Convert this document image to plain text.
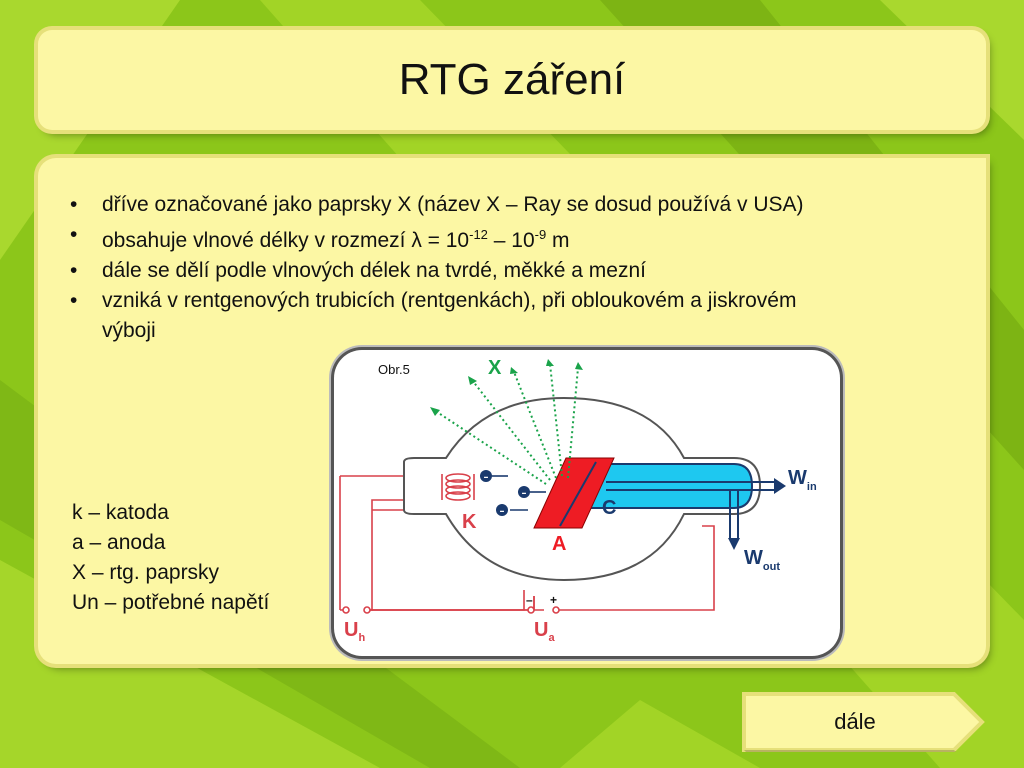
RTG záření
• dříve označované jako paprsky X (název X – Ray se dosud používá v USA)
• obsahuje vlnové délky v rozmezí $\lambda = 10^{-12} - 10^{-9}$ m
• dále se dělí podle vlnových délek na tvrdé, měkké a mezní
• vzniká v rentgenových trubicích (rentgenkách), při obloukovém a jiskrovém výboji
k – katoda
a – anoda
X – rtg. paprsky
Un – potřebné napětí
–
–
–
Obr.5	X
K
A
C
$W_{in}$
$W_{out}$
$U_h$	$U_a$
– +
dále
